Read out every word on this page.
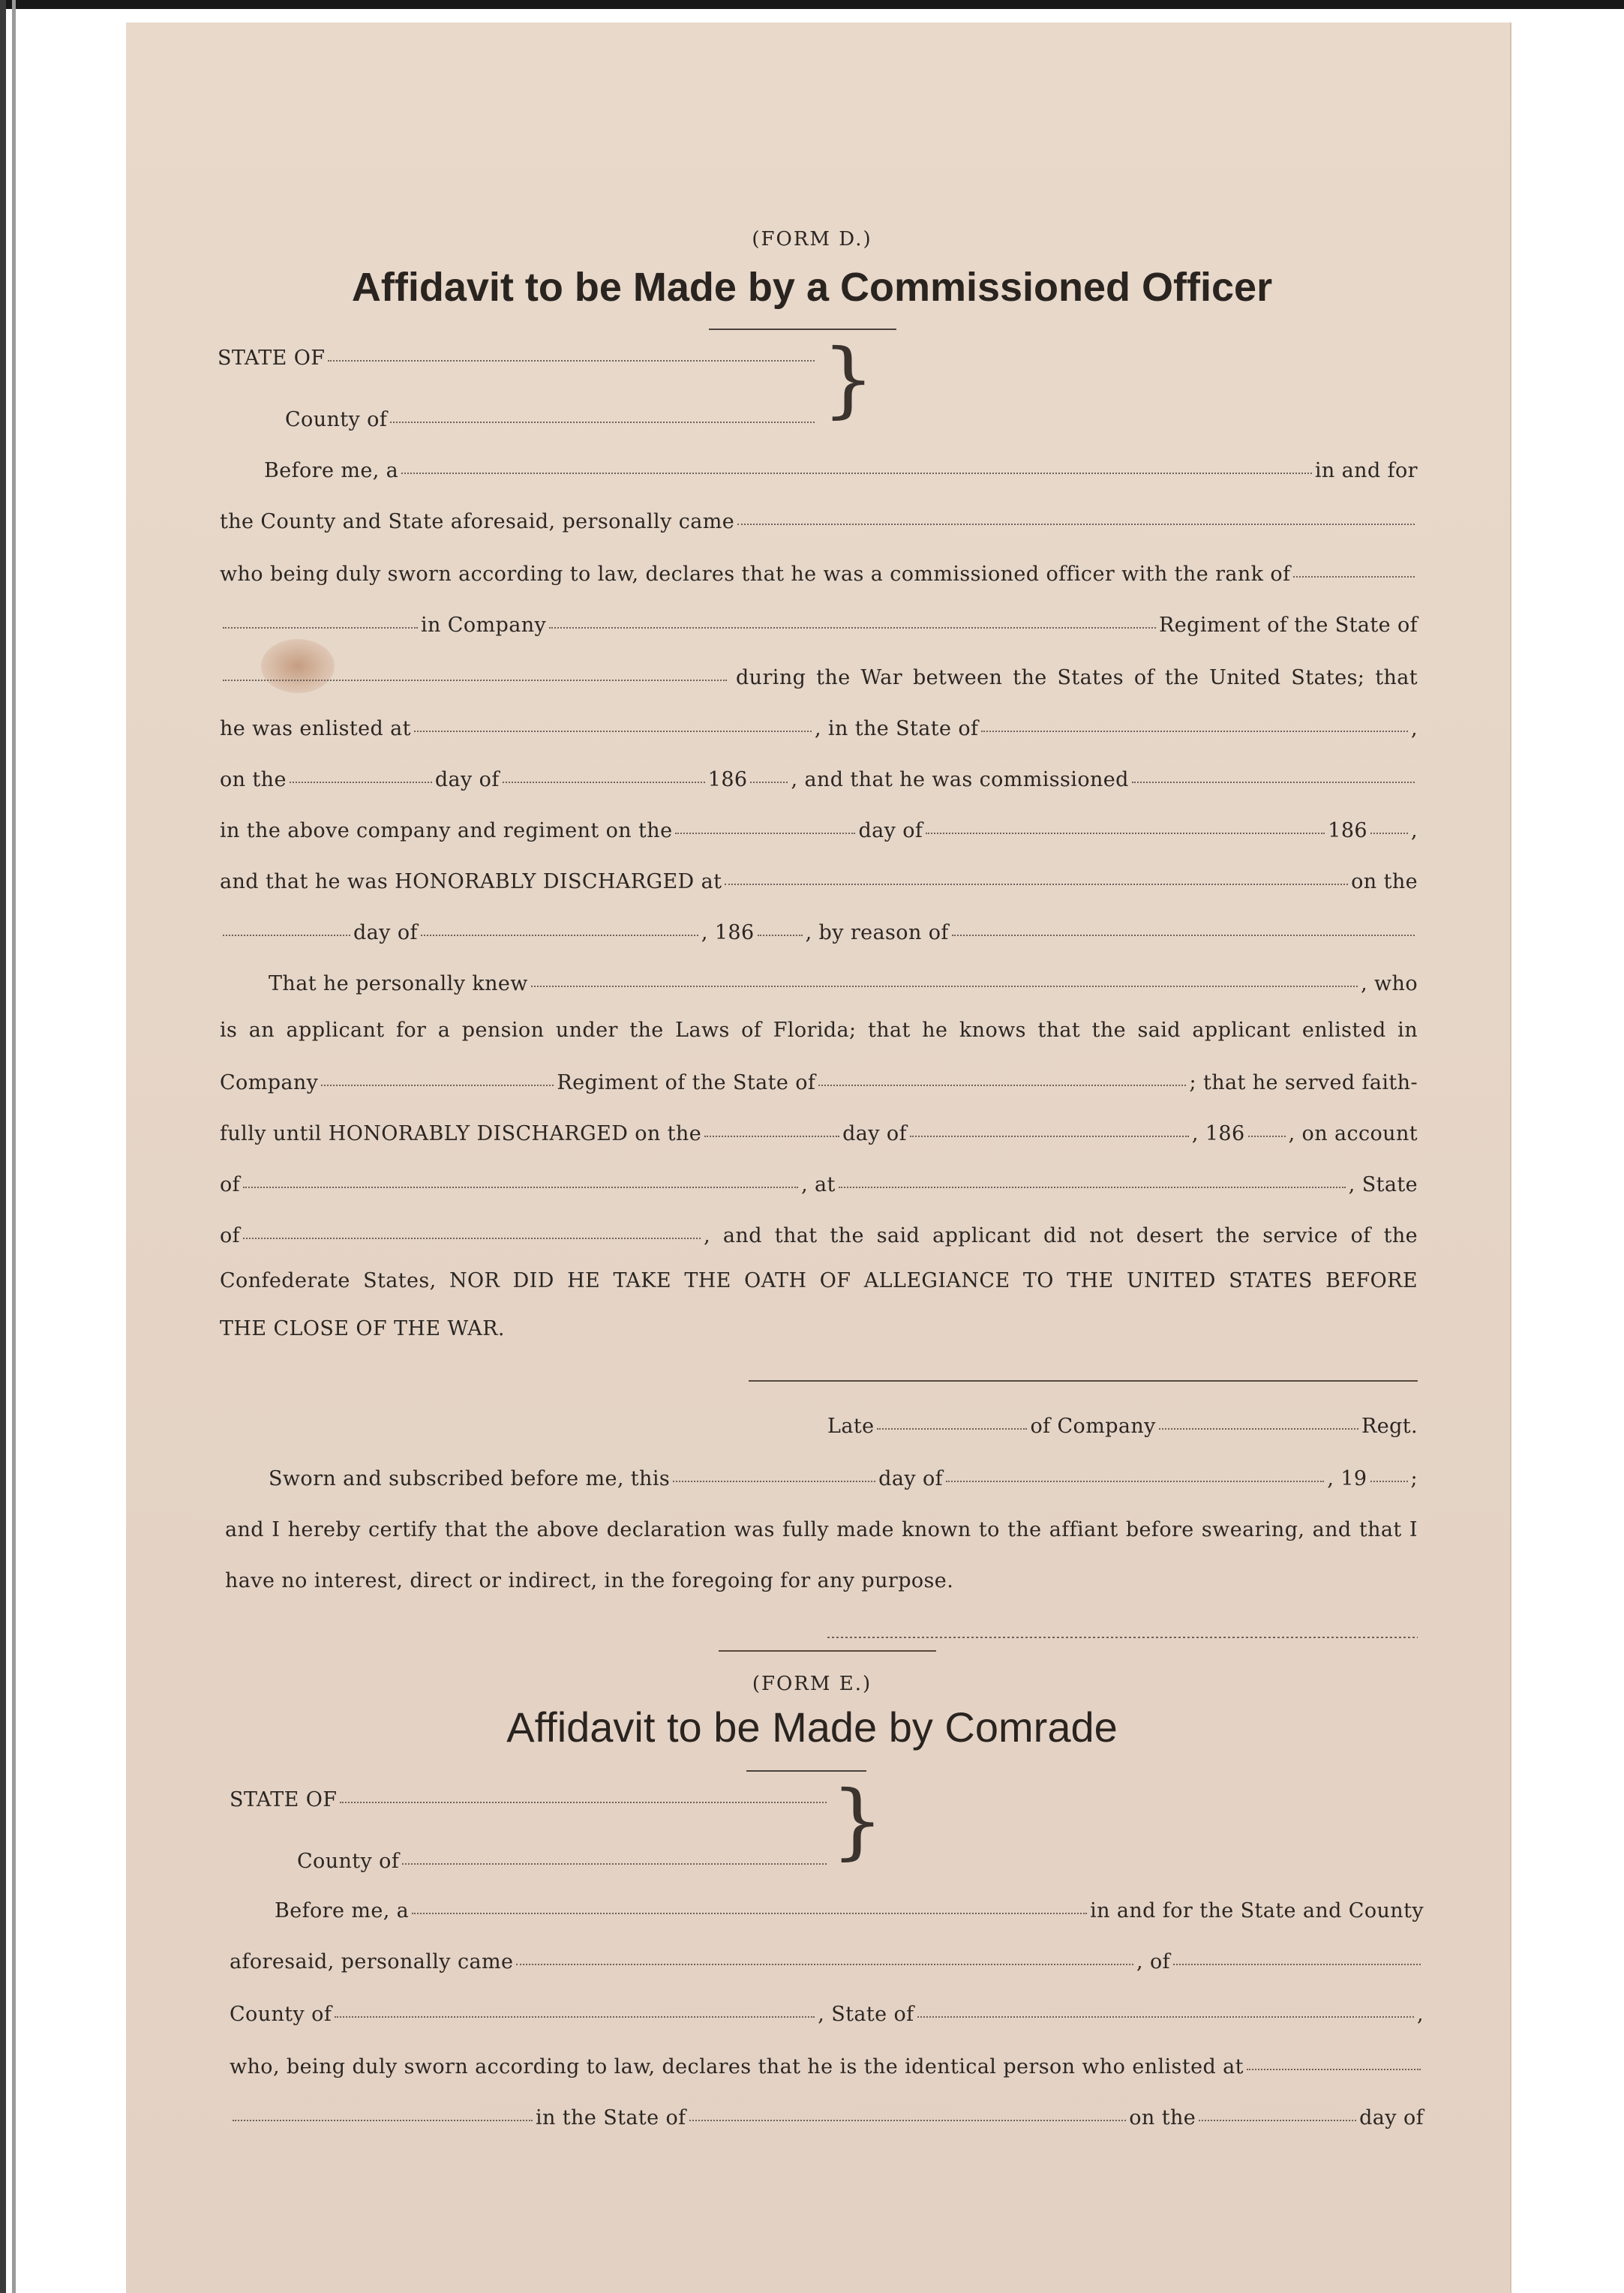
(FORM D.)
Affidavit to be Made by a Commissioned Officer
STATE OF
County of	}
Before me, a	in and for
the County and State aforesaid, personally came
who being duly sworn according to law, declares that he was a commissioned officer with the rank of
in Company	Regiment of the State of
during the War between the States of the United States; that
he was enlisted at	, in the State of	,
on the	day of	186 , and that he was commissioned
in the above company and regiment on the	day of	186 ,
and that he was HONORABLY DISCHARGED at	on the
day of	, 186	, by reason of
That he personally knew	, who
is an applicant for a pension under the Laws of Florida; that he knows that the said applicant enlisted in
Company	Regiment of the State of	; that he served faith-
fully until HONORABLY DISCHARGED on the	day of	, 186 , on account
of	, at	, State
of	, and that the said applicant did not desert the service of the
Confederate States, NOR DID HE TAKE THE OATH OF ALLEGIANCE TO THE UNITED STATES BEFORE
THE CLOSE OF THE WAR.
Late	of Company	Regt.
Sworn and subscribed before me, this	day of	, 19 ;
and I hereby certify that the above declaration was fully made known to the affiant before swearing, and that I
have no interest, direct or indirect, in the foregoing for any purpose.
(FORM E.)
Affidavit to be Made by Comrade
STATE OF
County of	}
Before me, a	in and for the State and County
aforesaid, personally came	, of
County of	, State of	,
who, being duly sworn according to law, declares that he is the identical person who enlisted at
in the State of	on the	day of
